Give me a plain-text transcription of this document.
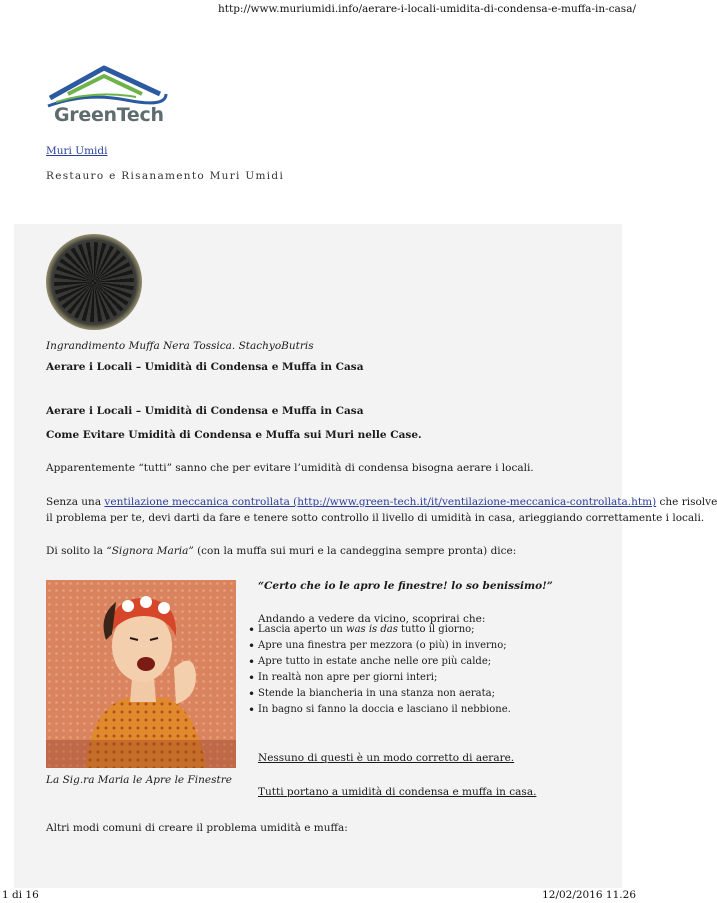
http://www.muriumidi.info/aerare-i-locali-umidita-di-condensa-e-muffa-in-casa/
GreenTech
Muri Umidi
Restauro e Risanamento Muri Umidi
Ingrandimento Muffa Nera Tossica. StachyoButris
Aerare i Locali – Umidità di Condensa e Muffa in Casa
Aerare i Locali – Umidità di Condensa e Muffa in Casa
Come Evitare Umidità di Condensa e Muffa sui Muri nelle Case.
Apparentemente “tutti” sanno che per evitare l’umidità di condensa bisogna aerare i locali.
Senza una ventilazione meccanica controllata (http://www.green-tech.it/it/ventilazione-meccanica-controllata.htm) che risolve
il problema per te, devi darti da fare e tenere sotto controllo il livello di umidità in casa, arieggiando correttamente i locali.
Di solito la “Signora Maria” (con la muffa sui muri e la candeggina sempre pronta) dice:
La Sig.ra Maria le Apre le Finestre
“Certo che io le apro le finestre! lo so benissimo!”
Andando a vedere da vicino, scoprirai che:
• Lascia aperto un was is das tutto il giorno;
• Apre una finestra per mezzora (o più) in inverno;
• Apre tutto in estate anche nelle ore più calde;
• In realtà non apre per giorni interi;
• Stende la biancheria in una stanza non aerata;
• In bagno si fanno la doccia e lasciano il nebbione.
Nessuno di questi è un modo corretto di aerare.
Tutti portano a umidità di condensa e muffa in casa.
Altri modi comuni di creare il problema umidità e muffa:
1 di 16	12/02/2016 11.26
